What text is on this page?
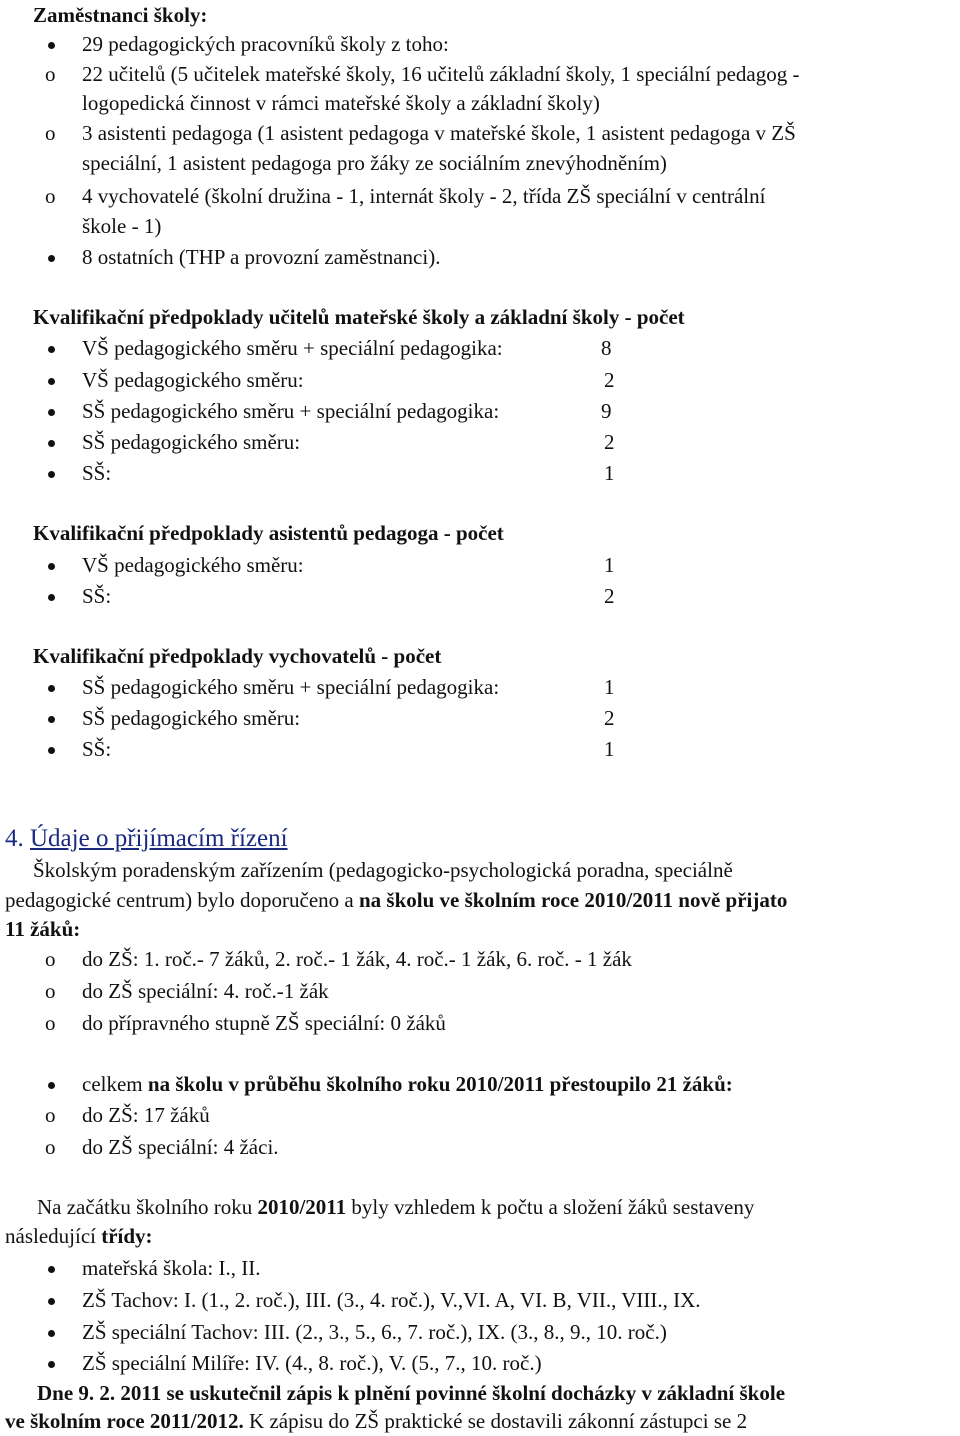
Zaměstnanci školy:
29 pedagogických pracovníků školy z toho:
o 22 učitelů (5 učitelek mateřské školy, 16 učitelů základní školy, 1 speciální pedagog -
logopedická činnost v rámci mateřské školy a základní školy)
o 3 asistenti pedagoga (1 asistent pedagoga v mateřské škole, 1 asistent pedagoga v ZŠ
speciální, 1 asistent pedagoga pro žáky ze sociálním znevýhodněním)
o 4 vychovatelé (školní družina - 1, internát školy - 2, třída ZŠ speciální v centrální
škole - 1)
8 ostatních (THP a provozní zaměstnanci).
Kvalifikační předpoklady učitelů mateřské školy a základní školy - počet
VŠ pedagogického směru + speciální pedagogika:	8
VŠ pedagogického směru:	2
SŠ pedagogického směru + speciální pedagogika:	9
SŠ pedagogického směru:	2
SŠ:	1
Kvalifikační předpoklady asistentů pedagoga - počet
VŠ pedagogického směru:	1
SŠ:	2
Kvalifikační předpoklady vychovatelů - počet
SŠ pedagogického směru + speciální pedagogika:	1
SŠ pedagogického směru:	2
SŠ:	1
4. Údaje o přijímacím řízení
Školským poradenským zařízením (pedagogicko-psychologická poradna, speciálně
pedagogické centrum) bylo doporučeno a na školu ve školním roce 2010/2011 nově přijato
11 žáků:
o do ZŠ: 1. roč.- 7 žáků, 2. roč.- 1 žák, 4. roč.- 1 žák, 6. roč. - 1 žák
o do ZŠ speciální: 4. roč.-1 žák
o do přípravného stupně ZŠ speciální: 0 žáků
celkem na školu v průběhu školního roku 2010/2011 přestoupilo 21 žáků:
o do ZŠ: 17 žáků
o do ZŠ speciální: 4 žáci.
Na začátku školního roku 2010/2011 byly vzhledem k počtu a složení žáků sestaveny
následující třídy:
mateřská škola: I., II.
ZŠ Tachov: I. (1., 2. roč.), III. (3., 4. roč.), V.,VI. A, VI. B, VII., VIII., IX.
ZŠ speciální Tachov: III. (2., 3., 5., 6., 7. roč.), IX. (3., 8., 9., 10. roč.)
ZŠ speciální Milíře: IV. (4., 8. roč.), V. (5., 7., 10. roč.)
Dne 9. 2. 2011 se uskutečnil zápis k plnění povinné školní docházky v základní škole
ve školním roce 2011/2012. K zápisu do ZŠ praktické se dostavili zákonní zástupci se 2
